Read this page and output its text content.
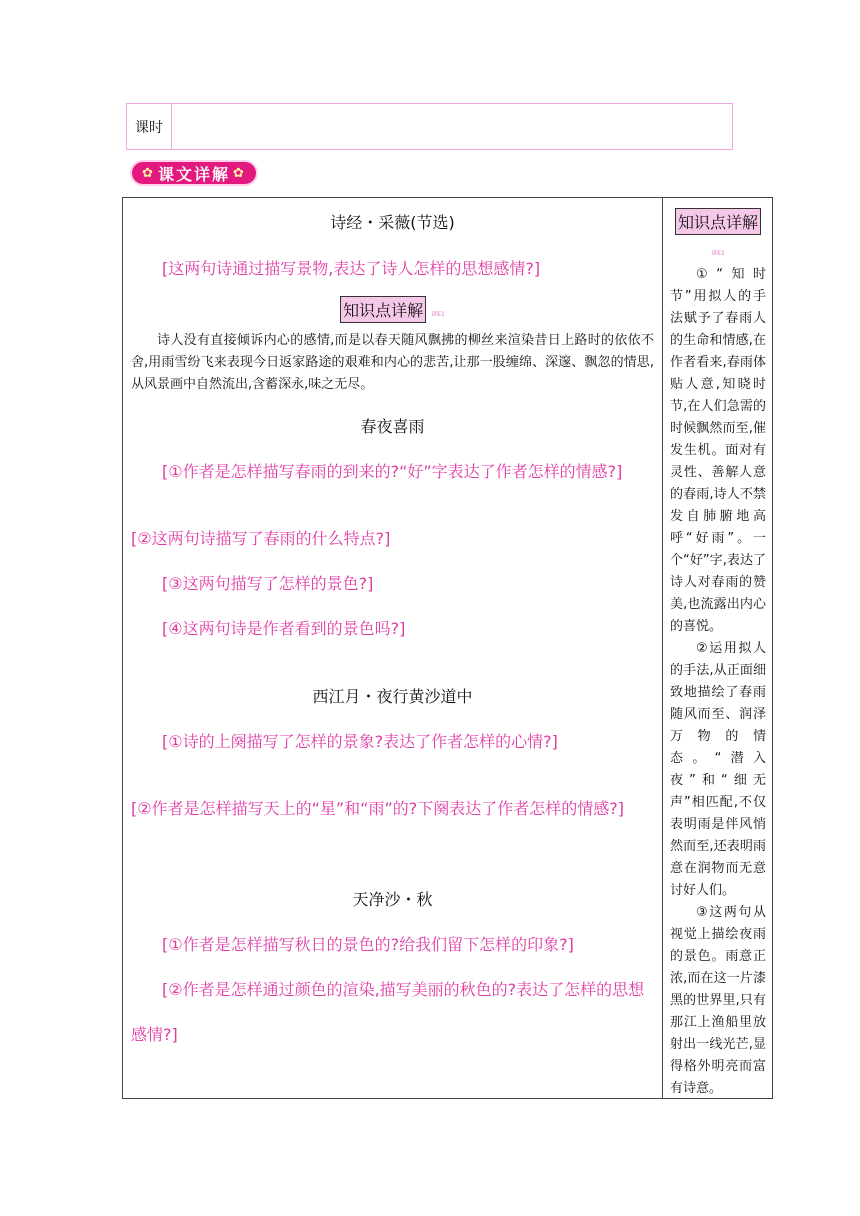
课时
✿ 课文详解 ✿
诗经・采薇(节选)
[这两句诗通过描写景物,表达了诗人怎样的思想感情?]
知识点详解 译E1
诗人没有直接倾诉内心的感情,而是以春天随风飘拂的柳丝来渲染昔日上路时的依依不舍,用雨雪纷飞来表现今日返家路途的艰难和内心的悲苦,让那一股缠绵、深邃、飘忽的情思,从风景画中自然流出,含蓄深永,味之无尽。
春夜喜雨
[①作者是怎样描写春雨的到来的?“好”字表达了作者怎样的情感?]
[②这两句诗描写了春雨的什么特点?]
[③这两句描写了怎样的景色?]
[④这两句诗是作者看到的景色吗?]
西江月・夜行黄沙道中
[①诗的上阕描写了怎样的景象?表达了作者怎样的心情?]
[②作者是怎样描写天上的“星”和“雨”的?下阕表达了作者怎样的情感?]
天净沙・秋
[①作者是怎样描写秋日的景色的?给我们留下怎样的印象?]
[②作者是怎样通过颜色的渲染,描写美丽的秋色的?表达了怎样的思想
感情?]
知识点详解
译E1

①“知时节”用拟人的手法赋予了春雨人的生命和情感,在作者看来,春雨体贴人意,知晓时节,在人们急需的时候飘然而至,催发生机。面对有灵性、善解人意的春雨,诗人不禁发自肺腑地高呼“好雨”。一个“好”字,表达了诗人对春雨的赞美,也流露出内心的喜悦。

②运用拟人的手法,从正面细致地描绘了春雨随风而至、润泽万物的情态。“潜入夜”和“细无声”相匹配,不仅表明雨是伴风悄然而至,还表明雨意在润物而无意讨好人们。

③这两句从视觉上描绘夜雨的景色。雨意正浓,而在这一片漆黑的世界里,只有那江上渔船里放射出一线光芒,显得格外明亮而富有诗意。
